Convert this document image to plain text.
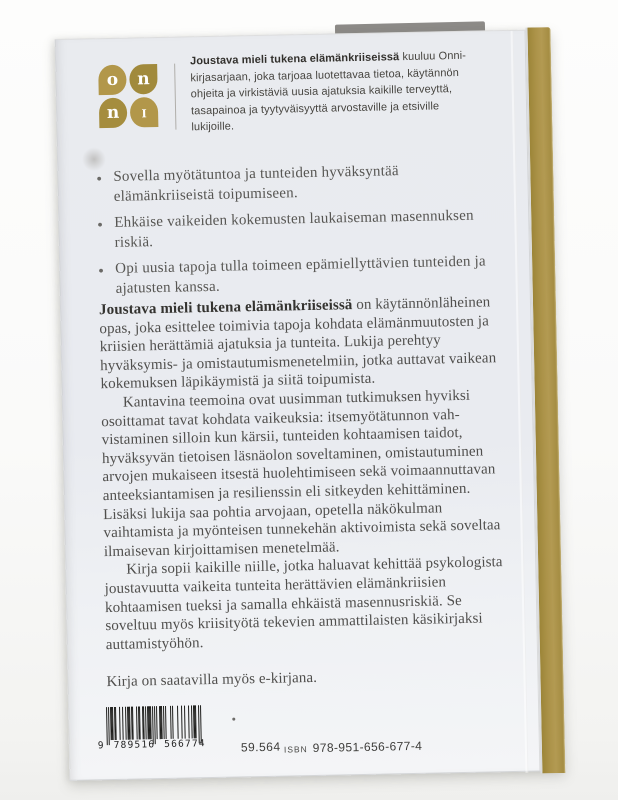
o n
n i
Joustava mieli tukena elämänkriiseissä kuuluu Onni-kirjasarjaan, joka tarjoaa luotettavaa tietoa, käytännön ohjeita ja virkistäviä uusia ajatuksia kaikille terveyttä, tasapainoa ja tyytyväisyyttä arvostaville ja etsiville lukijoille.
● Sovella myötätuntoa ja tunteiden hyväksyntää elämänkriiseistä toipumiseen.
● Ehkäise vaikeiden kokemusten laukaiseman masennuksen riskiä.
● Opi uusia tapoja tulla toimeen epämiellyttävien tunteiden ja ajatusten kanssa.

Joustava mieli tukena elämänkriiseissä on käytännönläheinen opas, joka esittelee toimivia tapoja kohdata elämänmuutosten ja kriisien herättämiä ajatuksia ja tunteita. Lukija perehtyy hyväksymis- ja omistautumismenetelmiin, jotka auttavat vaikean kokemuksen läpikäymistä ja siitä toipumista.

Kantavina teemoina ovat uusimman tutkimuksen hyviksi osoittamat tavat kohdata vaikeuksia: itsemyötätunnon vahvistaminen silloin kun kärsii, tunteiden kohtaamisen taidot, hyväksyvän tietoisen läsnäolon soveltaminen, omistautuminen arvojen mukaiseen itsestä huolehtimiseen sekä voimaannuttavan anteeksiantamisen ja resilienssin eli sitkeyden kehittäminen. Lisäksi lukija saa pohtia arvojaan, opetella näkökulman vaihtamista ja myönteisen tunnekehän aktivoimista sekä soveltaa ilmaisevan kirjoittamisen menetelmää.

Kirja sopii kaikille niille, jotka haluavat kehittää psykologista joustavuutta vaikeita tunteita herättävien elämänkriisien kohtaamisen tueksi ja samalla ehkäistä masennusriskiä. Se soveltuu myös kriisityötä tekevien ammattilaisten käsikirjaksi auttamistyöhön.

Kirja on saatavilla myös e-kirjana.

9 789516 566774	59.564 ISBN 978-951-656-677-4
